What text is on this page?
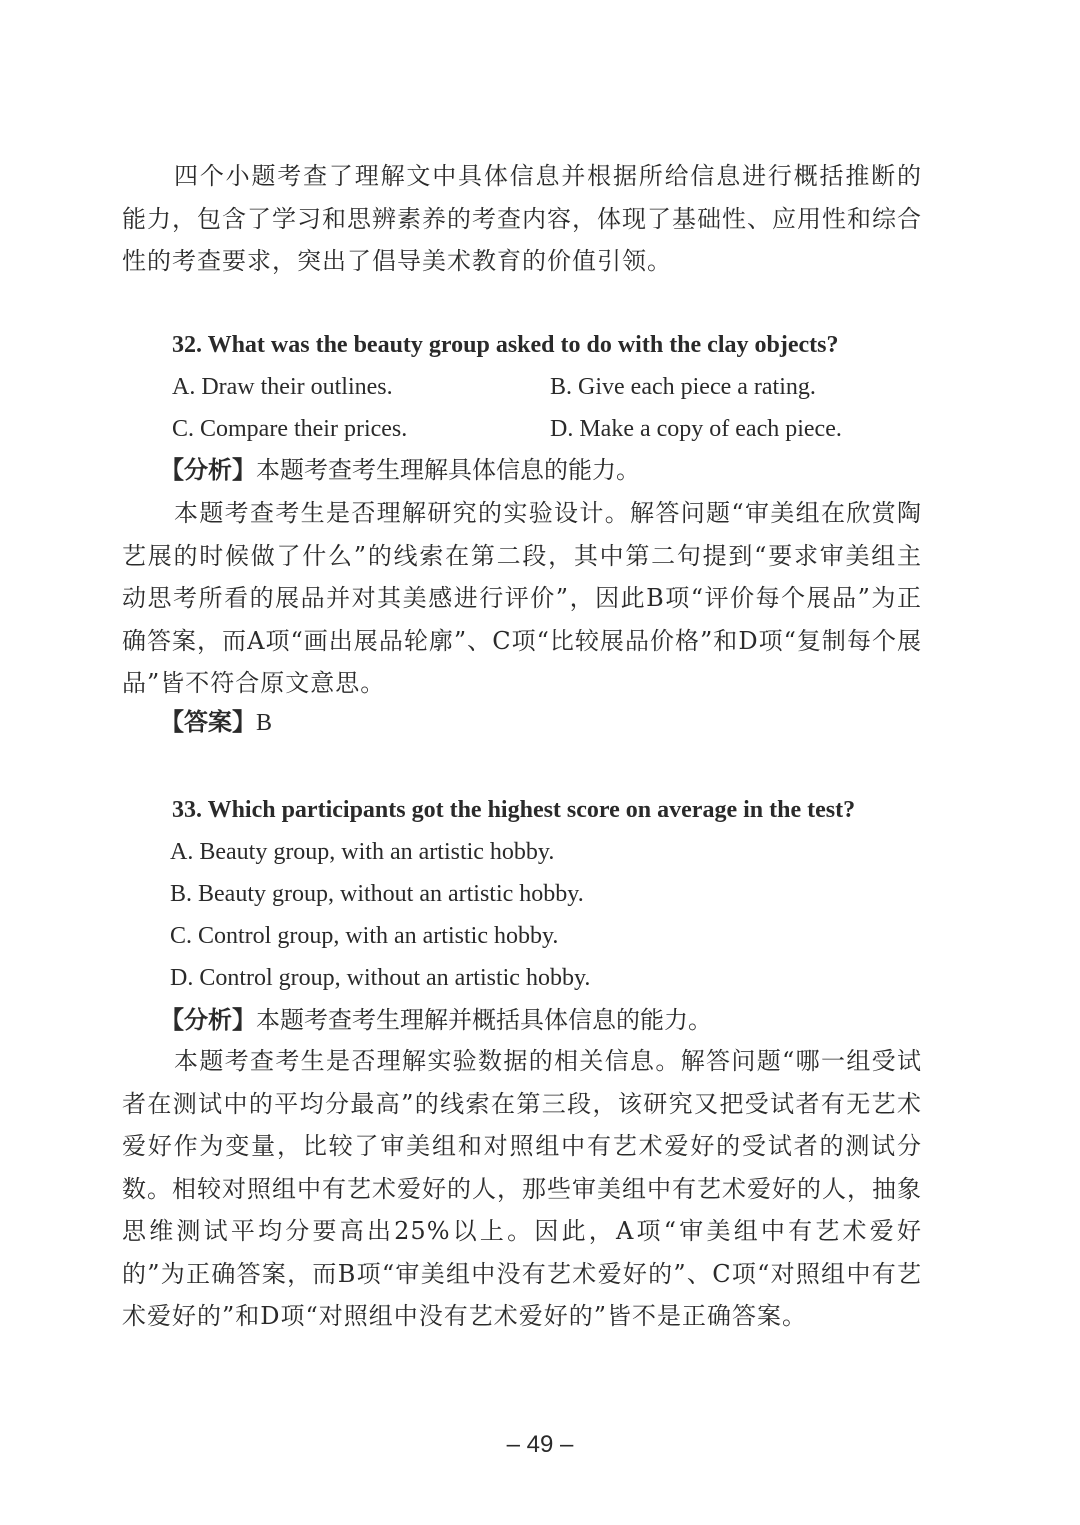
四个小题考查了理解文中具体信息并根据所给信息进行概括推断的能力，包含了学习和思辨素养的考查内容，体现了基础性、应用性和综合性的考查要求，突出了倡导美术教育的价值引领。

32. What was the beauty group asked to do with the clay objects?

A. Draw their outlines.	B. Give each piece a rating.

C. Compare their prices.	D. Make a copy of each piece.

【分析】本题考查考生理解具体信息的能力。

本题考查考生是否理解研究的实验设计。解答问题“审美组在欣赏陶艺展的时候做了什么”的线索在第二段，其中第二句提到“要求审美组主动思考所看的展品并对其美感进行评价”，因此B项“评价每个展品”为正确答案，而A项“画出展品轮廓”、C项“比较展品价格”和D项“复制每个展品”皆不符合原文意思。

【答案】B

33. Which participants got the highest score on average in the test?

A. Beauty group, with an artistic hobby.

B. Beauty group, without an artistic hobby.

C. Control group, with an artistic hobby.

D. Control group, without an artistic hobby.

【分析】本题考查考生理解并概括具体信息的能力。

本题考查考生是否理解实验数据的相关信息。解答问题“哪一组受试者在测试中的平均分最高”的线索在第三段，该研究又把受试者有无艺术爱好作为变量，比较了审美组和对照组中有艺术爱好的受试者的测试分数。相较对照组中有艺术爱好的人，那些审美组中有艺术爱好的人，抽象思维测试平均分要高出25%以上。因此，A项“审美组中有艺术爱好的”为正确答案，而B项“审美组中没有艺术爱好的”、C项“对照组中有艺术爱好的”和D项“对照组中没有艺术爱好的”皆不是正确答案。

– 49 –
